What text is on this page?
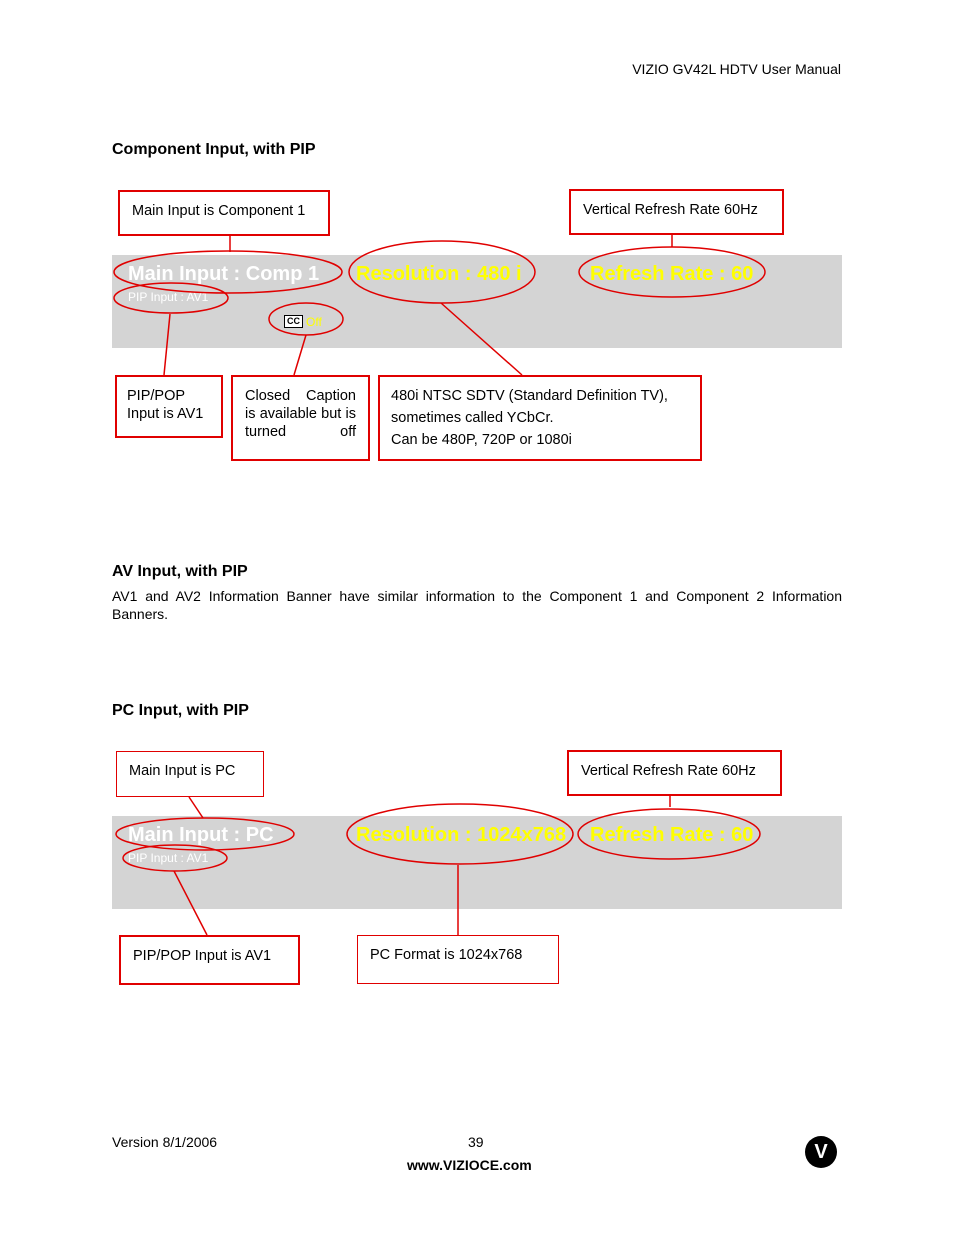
VIZIO GV42L HDTV User Manual
Component Input, with PIP
Main Input : Comp 1
PIP Input : AV1
Resolution : 480 i	Refresh Rate : 60
CC Off
Main Input is Component 1	Vertical Refresh Rate 60Hz
PIP/POP Input is AV1
Closed Caption is available but is turned off
480i NTSC SDTV (Standard Definition TV),
sometimes called YCbCr.
Can be 480P, 720P or 1080i
AV Input, with PIP
AV1 and AV2 Information Banner have similar information to the Component 1 and Component 2 Information Banners.
PC Input, with PIP
Main Input : PC
PIP Input : AV1
Resolution : 1024x768 Refresh Rate : 60
Main Input is PC	Vertical Refresh Rate 60Hz
PIP/POP Input is AV1	PC Format is 1024x768
Version 8/1/2006	39
www.VIZIOCE.com
V
